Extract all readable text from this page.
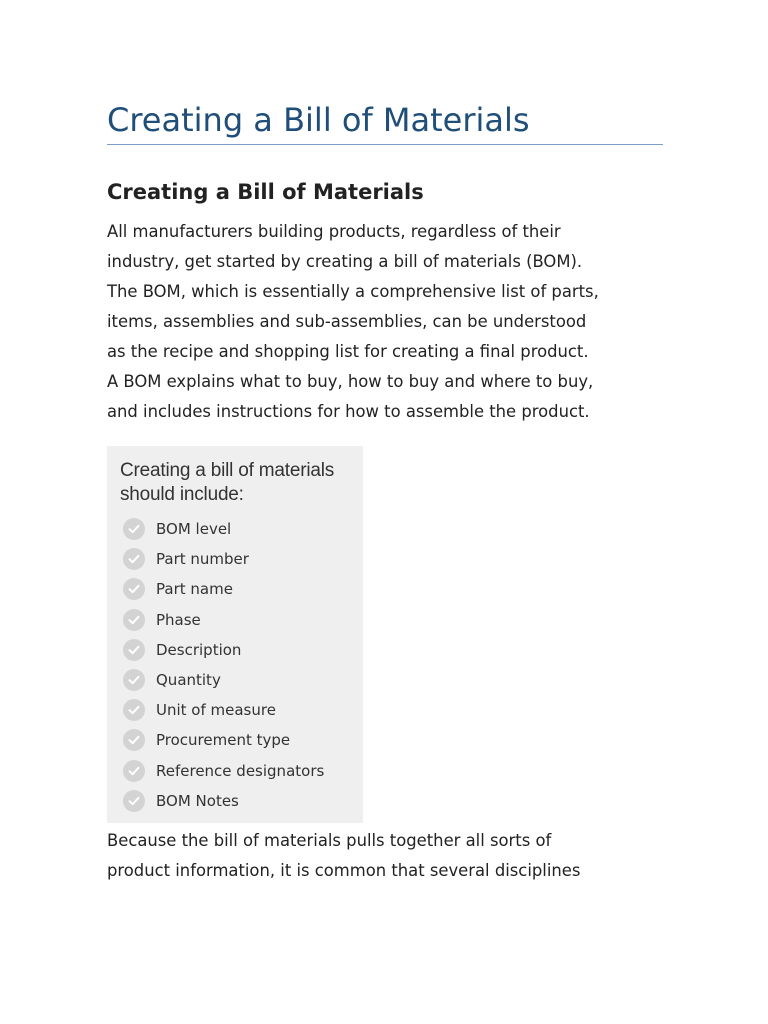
Creating a Bill of Materials
Creating a Bill of Materials

All manufacturers building products, regardless of their
industry, get started by creating a bill of materials (BOM).
The BOM, which is essentially a comprehensive list of parts,
items, assemblies and sub-assemblies, can be understood
as the recipe and shopping list for creating a final product.
A BOM explains what to buy, how to buy and where to buy,
and includes instructions for how to assemble the product.

Creating a bill of materials
should include:

BOM level
Part number
Part name
Phase
Description
Quantity
Unit of measure
Procurement type
Reference designators
BOM Notes

Because the bill of materials pulls together all sorts of
product information, it is common that several disciplines
